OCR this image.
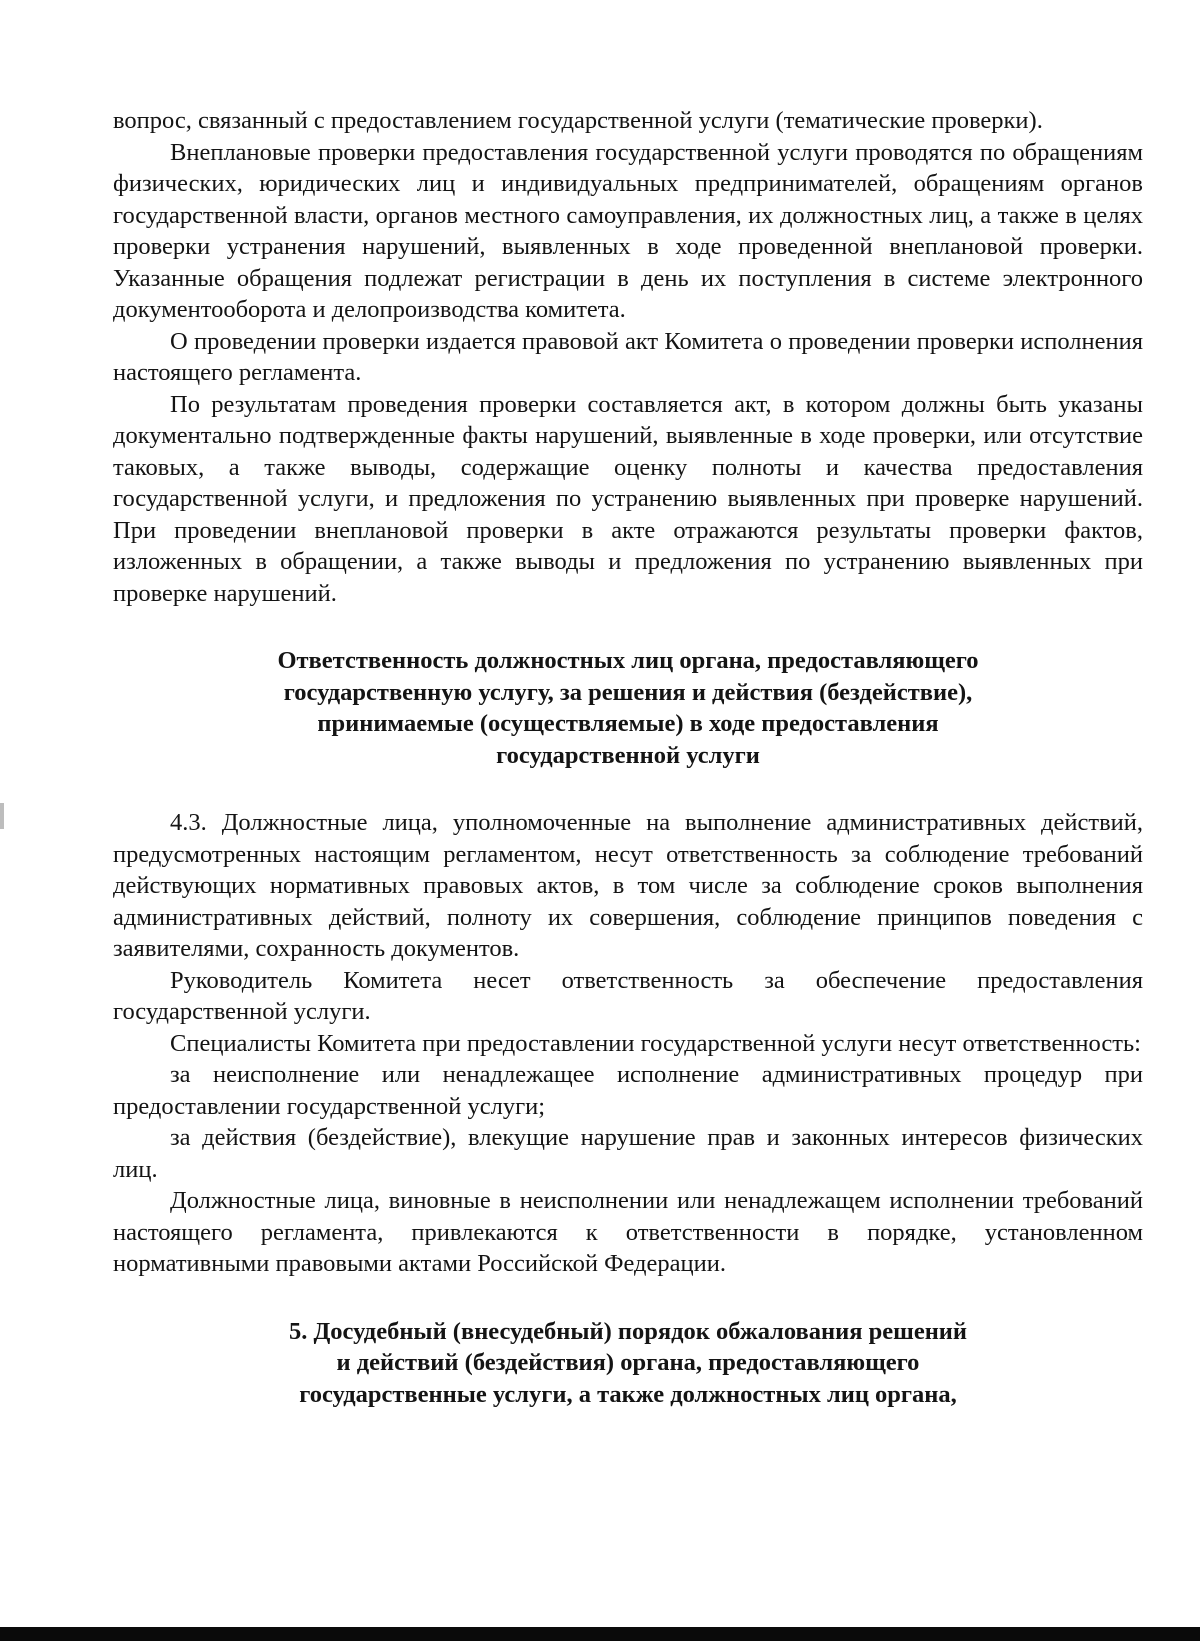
вопрос, связанный с предоставлением государственной услуги (тематические проверки).

Внеплановые проверки предоставления государственной услуги проводятся по обращениям физических, юридических лиц и индивидуальных предпринимателей, обращениям органов государственной власти, органов местного самоуправления, их должностных лиц, а также в целях проверки устранения нарушений, выявленных в ходе проведенной внеплановой проверки. Указанные обращения подлежат регистрации в день их поступления в системе электронного документооборота и делопроизводства комитета.

О проведении проверки издается правовой акт Комитета о проведении проверки исполнения настоящего регламента.

По результатам проведения проверки составляется акт, в котором должны быть указаны документально подтвержденные факты нарушений, выявленные в ходе проверки, или отсутствие таковых, а также выводы, содержащие оценку полноты и качества предоставления государственной услуги, и предложения по устранению выявленных при проверке нарушений. При проведении внеплановой проверки в акте отражаются результаты проверки фактов, изложенных в обращении, а также выводы и предложения по устранению выявленных при проверке нарушений.

Ответственность должностных лиц органа, предоставляющего
государственную услугу, за решения и действия (бездействие),
принимаемые (осуществляемые) в ходе предоставления
государственной услуги

4.3. Должностные лица, уполномоченные на выполнение административных действий, предусмотренных настоящим регламентом, несут ответственность за соблюдение требований действующих нормативных правовых актов, в том числе за соблюдение сроков выполнения административных действий, полноту их совершения, соблюдение принципов поведения с заявителями, сохранность документов.

Руководитель Комитета несет ответственность за обеспечение предоставления государственной услуги.

Специалисты Комитета при предоставлении государственной услуги несут ответственность:

за неисполнение или ненадлежащее исполнение административных процедур при предоставлении государственной услуги;

за действия (бездействие), влекущие нарушение прав и законных интересов физических лиц.

Должностные лица, виновные в неисполнении или ненадлежащем исполнении требований настоящего регламента, привлекаются к ответственности в порядке, установленном нормативными правовыми актами Российской Федерации.

5. Досудебный (внесудебный) порядок обжалования решений
и действий (бездействия) органа, предоставляющего
государственные услуги, а также должностных лиц органа,
